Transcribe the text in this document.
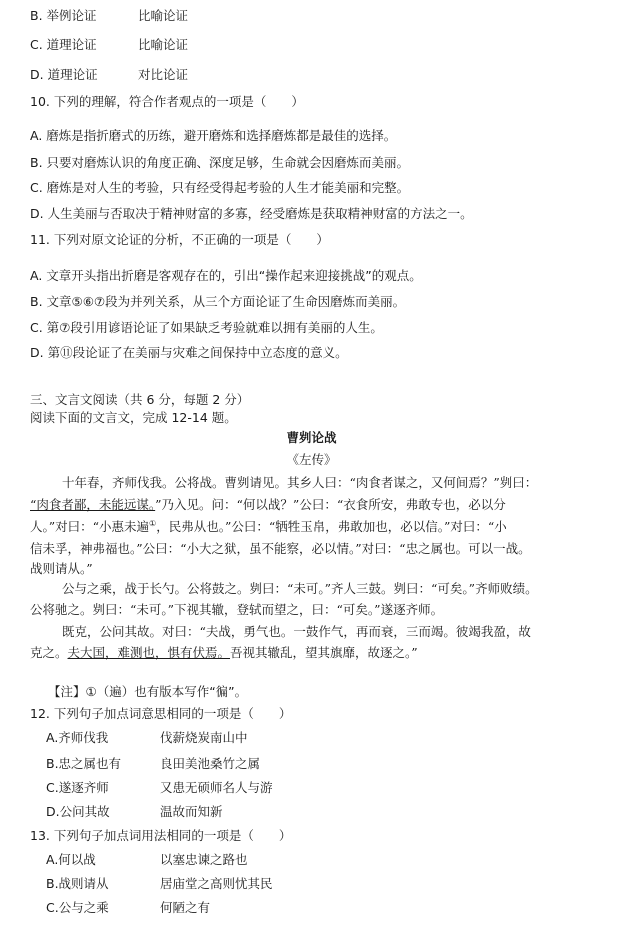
B. 举例论证	比喻论证
C. 道理论证	比喻论证
D. 道理论证	对比论证
10. 下列的理解，符合作者观点的一项是（　　）
A. 磨炼是指折磨式的历练，避开磨炼和选择磨炼都是最佳的选择。
B. 只要对磨炼认识的角度正确、深度足够，生命就会因磨炼而美丽。
C. 磨炼是对人生的考验，只有经受得起考验的人生才能美丽和完整。
D. 人生美丽与否取决于精神财富的多寡，经受磨炼是获取精神财富的方法之一。
11. 下列对原文论证的分析，不正确的一项是（　　）
A. 文章开头指出折磨是客观存在的，引出“操作起来迎接挑战”的观点。
B. 文章⑤⑥⑦段为并列关系，从三个方面论证了生命因磨炼而美丽。
C. 第⑦段引用谚语论证了如果缺乏考验就难以拥有美丽的人生。
D. 第⑪段论证了在美丽与灾难之间保持中立态度的意义。
三、文言文阅读（共 6 分，每题 2 分）
阅读下面的文言文，完成 12-14 题。
曹刿论战
《左传》
十年春，齐师伐我。公将战。曹刿请见。其乡人曰：“肉食者谋之，又何间焉？”刿曰：
“肉食者鄙，未能远谋。”乃入见。问：“何以战？”公曰：“衣食所安，弗敢专也，必以分
人。”对曰：“小惠未遍①，民弗从也。”公曰：“牺牲玉帛，弗敢加也，必以信。”对曰：“小
信未孚，神弗福也。”公曰：“小大之狱，虽不能察，必以情。”对曰：“忠之属也。可以一战。
战则请从。”
公与之乘，战于长勺。公将鼓之。刿曰：“未可。”齐人三鼓。刿曰：“可矣。”齐师败绩。
公将驰之。刿曰：“未可。”下视其辙，登轼而望之，曰：“可矣。”遂逐齐师。
既克，公问其故。对曰：“夫战，勇气也。一鼓作气，再而衰，三而竭。彼竭我盈，故
克之。夫大国，难测也，惧有伏焉。吾视其辙乱，望其旗靡，故逐之。”
【注】①（遍）也有版本写作“徧”。
12. 下列句子加点词意思相同的一项是（　　）
A.齐师伐我	伐薪烧炭南山中
B.忠之属也有	良田美池桑竹之属
C.遂逐齐师	又患无硕师名人与游
D.公问其故	温故而知新
13. 下列句子加点词用法相同的一项是（　　）
A.何以战	以塞忠谏之路也
B.战则请从	居庙堂之高则忧其民
C.公与之乘	何陋之有
